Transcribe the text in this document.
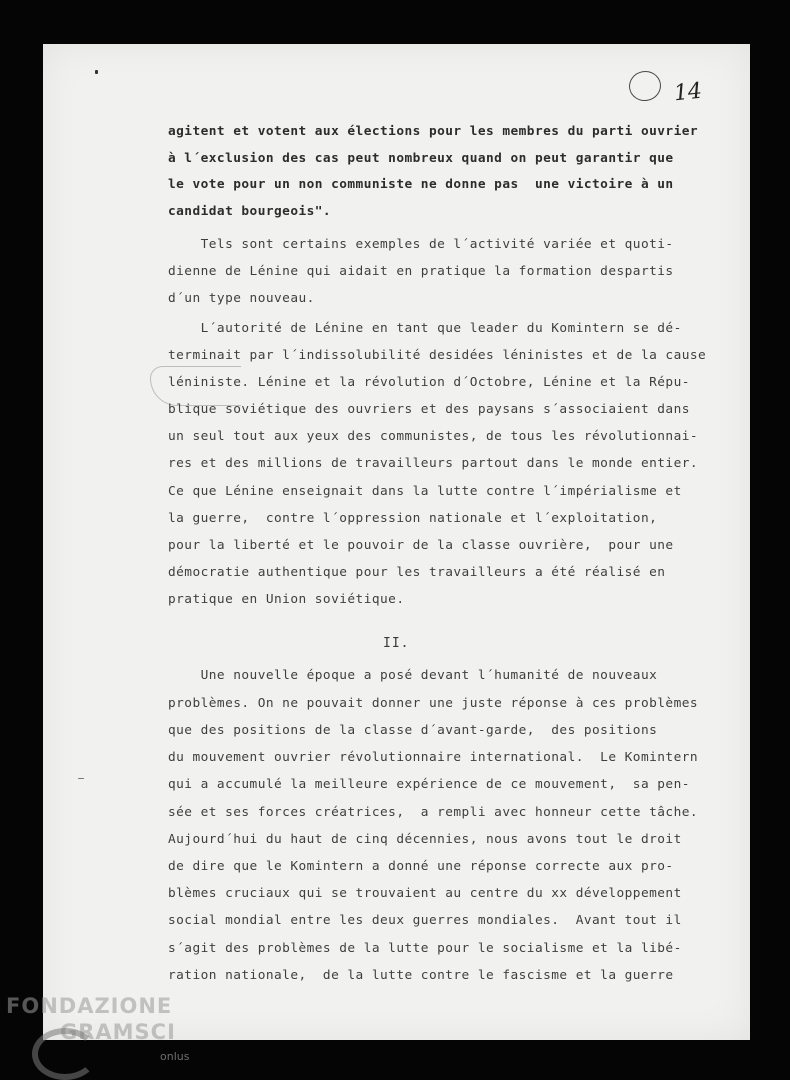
14
agitent et votent aux élections pour les membres du parti ouvrier
à l´exclusion des cas peut nombreux quand on peut garantir que
le vote pour un non communiste ne donne pas  une victoire à un
candidat bourgeois".
Tels sont certains exemples de l´activité variée et quoti-
dienne de Lénine qui aidait en pratique la formation despartis
d´un type nouveau.
L´autorité de Lénine en tant que leader du Komintern se dé-
terminait par l´indissolubilité desidées léninistes et de la cause
léniniste. Lénine et la révolution d´Octobre, Lénine et la Répu-
blique soviétique des ouvriers et des paysans s´associaient dans
un seul tout aux yeux des communistes, de tous les révolutionnai-
res et des millions de travailleurs partout dans le monde entier.
Ce que Lénine enseignait dans la lutte contre l´impérialisme et
la guerre,  contre l´oppression nationale et l´exploitation,
pour la liberté et le pouvoir de la classe ouvrière,  pour une
démocratie authentique pour les travailleurs a été réalisé en
pratique en Union soviétique.
II.
Une nouvelle époque a posé devant l´humanité de nouveaux
problèmes. On ne pouvait donner une juste réponse à ces problèmes
que des positions de la classe d´avant-garde,  des positions
du mouvement ouvrier révolutionnaire international.  Le Komintern
qui a accumulé la meilleure expérience de ce mouvement,  sa pen-
sée et ses forces créatrices,  a rempli avec honneur cette tâche.
Aujourd´hui du haut de cinq décennies, nous avons tout le droit
de dire que le Komintern a donné une réponse correcte aux pro-
blèmes cruciaux qui se trouvaient au centre du xx développement
social mondial entre les deux guerres mondiales.  Avant tout il
s´agit des problèmes de la lutte pour le socialisme et la libé-
ration nationale,  de la lutte contre le fascisme et la guerre
FONDAZIONE
GRAMSCI
onlus
